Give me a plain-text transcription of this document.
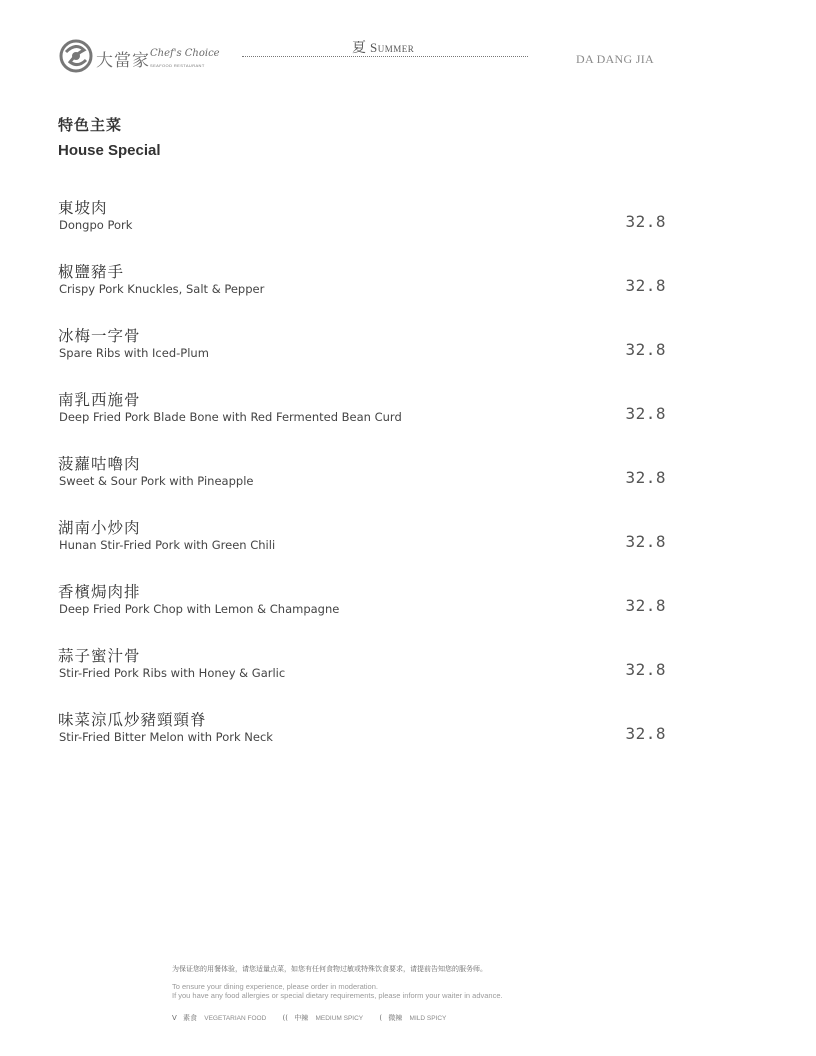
大當家 Chef's Choice
SEAFOOD RESTAURANT
夏 Summer
DA DANG JIA
特色主菜
House Special
東坡肉
Dongpo Pork	32.8
椒鹽豬手
Crispy Pork Knuckles, Salt & Pepper	32.8
冰梅一字骨
Spare Ribs with Iced-Plum	32.8
南乳西施骨
Deep Fried Pork Blade Bone with Red Fermented Bean Curd	32.8
菠蘿咕嚕肉
Sweet & Sour Pork with Pineapple	32.8
湖南小炒肉
Hunan Stir-Fried Pork with Green Chili	32.8
香檳焗肉排
Deep Fried Pork Chop with Lemon & Champagne	32.8
蒜子蜜汁骨
Stir-Fried Pork Ribs with Honey & Garlic	32.8
味菜涼瓜炒豬頸頸脊
Stir-Fried Bitter Melon with Pork Neck	32.8
为保证您的用餐体验，请您适量点菜，如您有任何食物过敏或特殊饮食要求，请提前告知您的服务师。
To ensure your dining experience, please order in moderation.
If you have any food allergies or special dietary requirements, please inform your waiter in advance.
V 素食 VEGETARIAN FOOD (( 中辣 MEDIUM SPICY ( 微辣 MILD SPICY
